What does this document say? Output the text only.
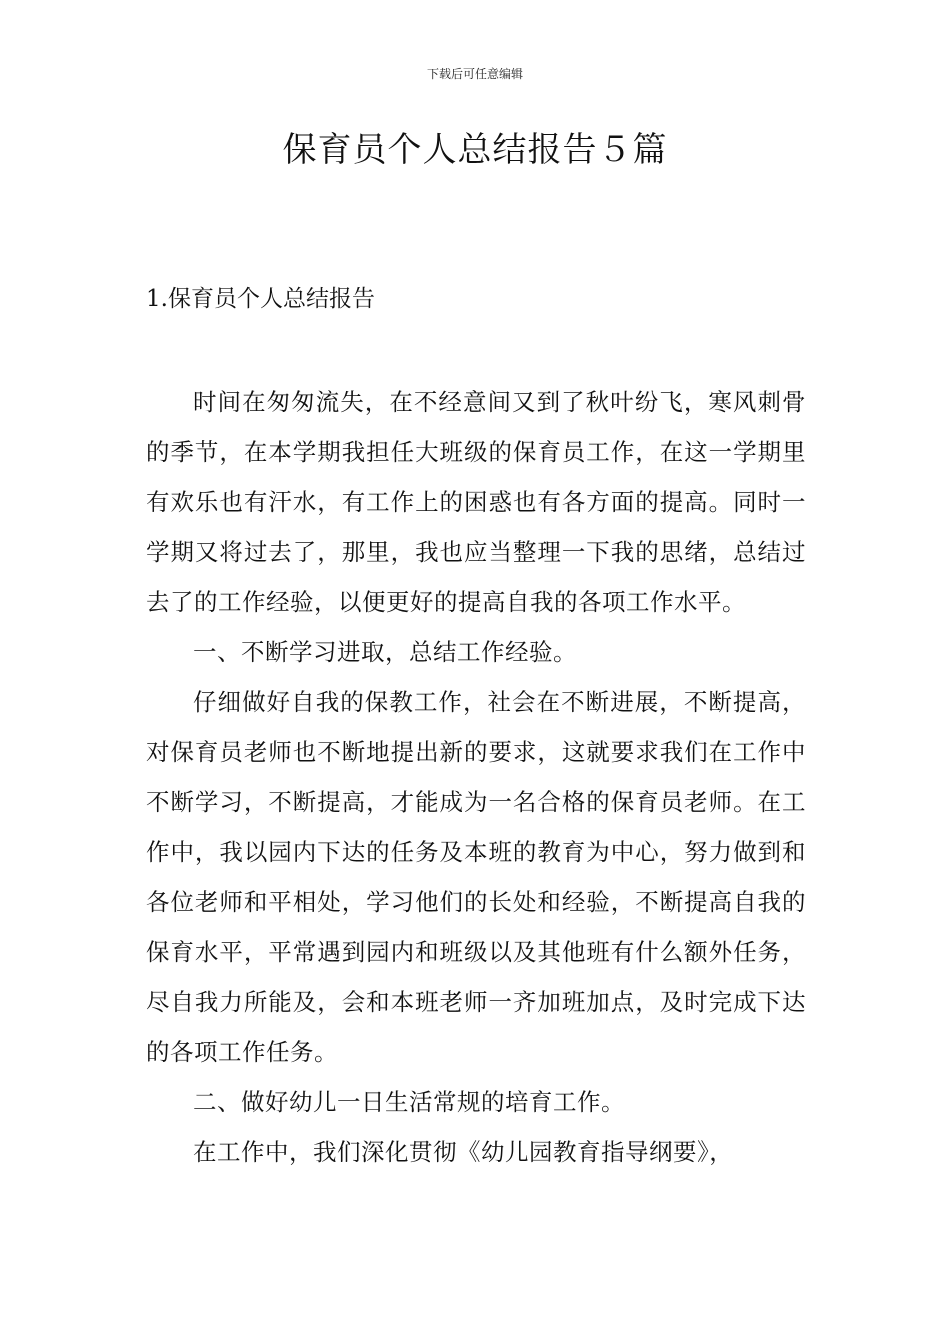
下载后可任意编辑
保育员个人总结报告５篇
1.保育员个人总结报告

时间在匆匆流失，在不经意间又到了秋叶纷飞，寒风刺骨的季节，在本学期我担任大班级的保育员工作，在这一学期里有欢乐也有汗水，有工作上的困惑也有各方面的提高。同时一学期又将过去了，那里，我也应当整理一下我的思绪，总结过去了的工作经验，以便更好的提高自我的各项工作水平。

一、不断学习进取，总结工作经验。

仔细做好自我的保教工作，社会在不断进展，不断提高，对保育员老师也不断地提出新的要求，这就要求我们在工作中不断学习，不断提高，才能成为一名合格的保育员老师。在工作中，我以园内下达的任务及本班的教育为中心，努力做到和各位老师和平相处，学习他们的长处和经验，不断提高自我的保育水平，平常遇到园内和班级以及其他班有什么额外任务，尽自我力所能及，会和本班老师一齐加班加点，及时完成下达的各项工作任务。

二、做好幼儿一日生活常规的培育工作。

在工作中，我们深化贯彻《幼儿园教育指导纲要》，
